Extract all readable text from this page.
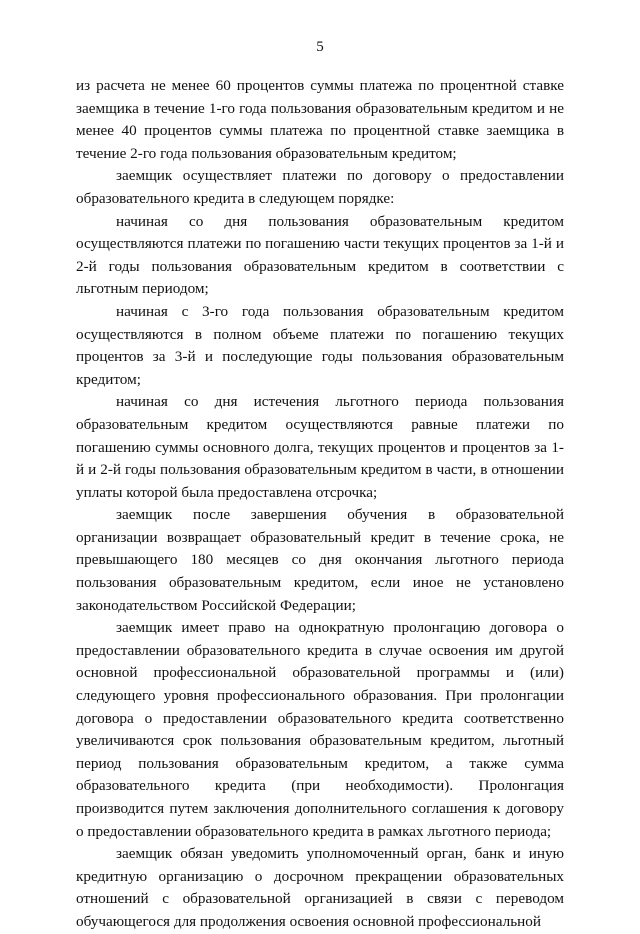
5

из расчета не менее 60 процентов суммы платежа по процентной ставке заемщика в течение 1-го года пользования образовательным кредитом и не менее 40 процентов суммы платежа по процентной ставке заемщика в течение 2-го года пользования образовательным кредитом;

заемщик осуществляет платежи по договору о предоставлении образовательного кредита в следующем порядке:

начиная со дня пользования образовательным кредитом осуществляются платежи по погашению части текущих процентов за 1-й и 2-й годы пользования образовательным кредитом в соответствии с льготным периодом;

начиная с 3-го года пользования образовательным кредитом осуществляются в полном объеме платежи по погашению текущих процентов за 3-й и последующие годы пользования образовательным кредитом;

начиная со дня истечения льготного периода пользования образовательным кредитом осуществляются равные платежи по погашению суммы основного долга, текущих процентов и процентов за 1-й и 2-й годы пользования образовательным кредитом в части, в отношении уплаты которой была предоставлена отсрочка;

заемщик после завершения обучения в образовательной организации возвращает образовательный кредит в течение срока, не превышающего 180 месяцев со дня окончания льготного периода пользования образовательным кредитом, если иное не установлено законодательством Российской Федерации;

заемщик имеет право на однократную пролонгацию договора о предоставлении образовательного кредита в случае освоения им другой основной профессиональной образовательной программы и (или) следующего уровня профессионального образования. При пролонгации договора о предоставлении образовательного кредита соответственно увеличиваются срок пользования образовательным кредитом, льготный период пользования образовательным кредитом, а также сумма образовательного кредита (при необходимости). Пролонгация производится путем заключения дополнительного соглашения к договору о предоставлении образовательного кредита в рамках льготного периода;

заемщик обязан уведомить уполномоченный орган, банк и иную кредитную организацию о досрочном прекращении образовательных отношений с образовательной организацией в связи с переводом обучающегося для продолжения освоения основной профессиональной
